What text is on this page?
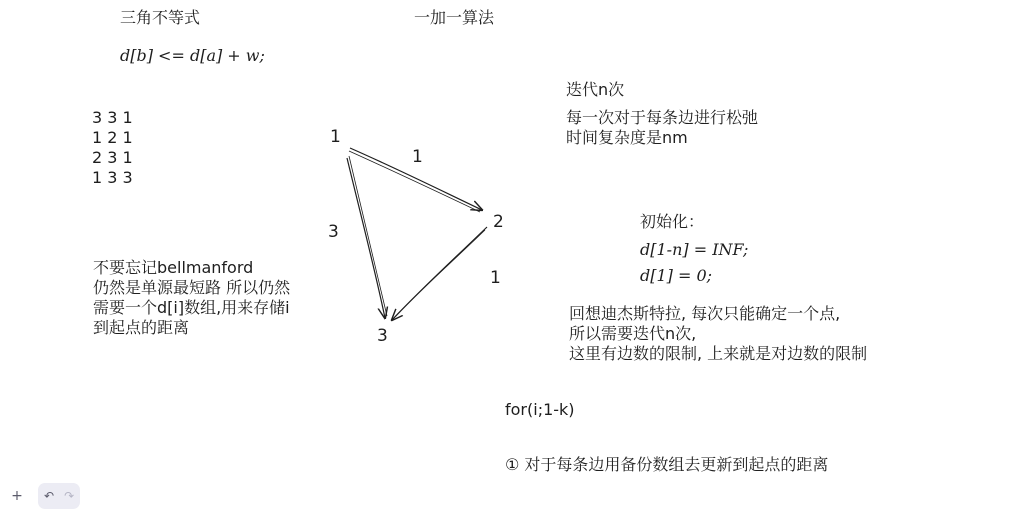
三角不等式
d[b] <= d[a] + w;
一加一算法
3 3 1
1 2 1
2 3 1
1 3 3
1
2
3
1
3
1
不要忘记bellmanford
仍然是单源最短路 所以仍然
需要一个d[i]数组,用来存储i
到起点的距离
迭代n次
每一次对于每条边进行松弛
时间复杂度是nm
初始化：
d[1-n] = INF;
d[1] = 0;
回想迪杰斯特拉, 每次只能确定一个点,
所以需要迭代n次,
这里有边数的限制, 上来就是对边数的限制
for(i;1-k)
① 对于每条边用备份数组去更新到起点的距离
+	↶ ↷
